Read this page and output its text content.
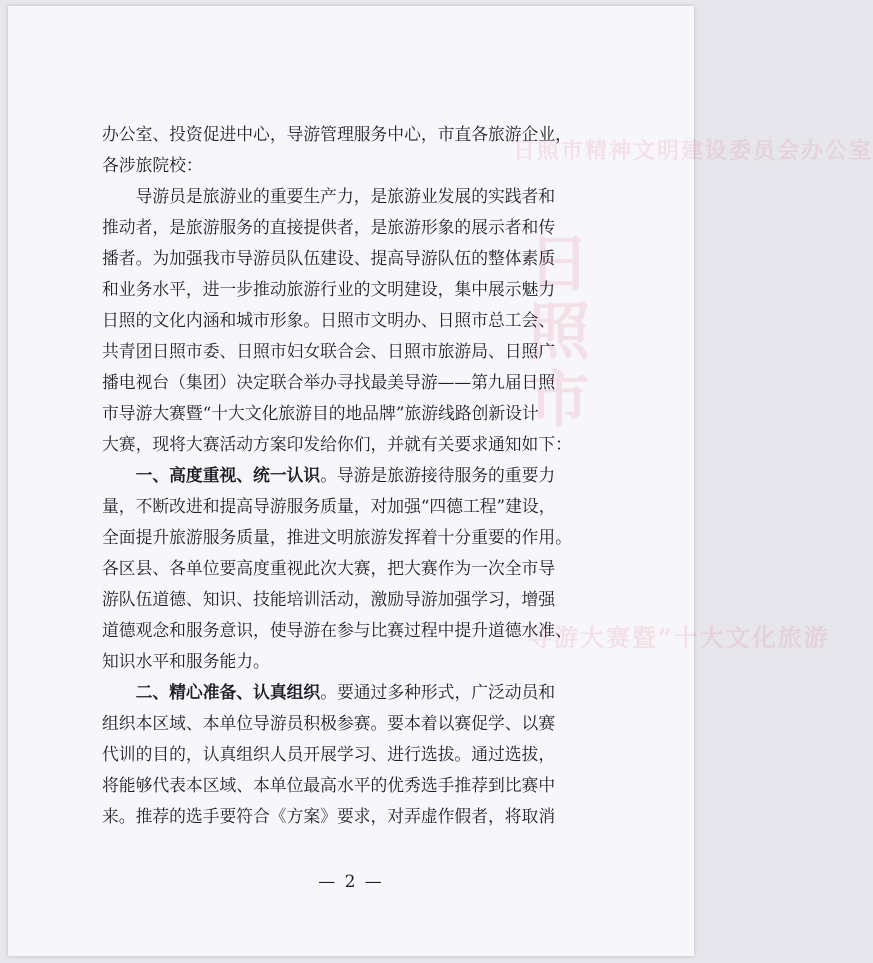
日照市精神文明建设委员会办公室
日
照
市
导游大赛暨“十大文化旅游
办公室、投资促进中心，导游管理服务中心，市直各旅游企业，
各涉旅院校：
　　导游员是旅游业的重要生产力，是旅游业发展的实践者和
推动者，是旅游服务的直接提供者，是旅游形象的展示者和传
播者。为加强我市导游员队伍建设、提高导游队伍的整体素质
和业务水平，进一步推动旅游行业的文明建设，集中展示魅力
日照的文化内涵和城市形象。日照市文明办、日照市总工会、
共青团日照市委、日照市妇女联合会、日照市旅游局、日照广
播电视台（集团）决定联合举办寻找最美导游——第九届日照
市导游大赛暨“十大文化旅游目的地品牌”旅游线路创新设计
大赛，现将大赛活动方案印发给你们，并就有关要求通知如下：
　　一、高度重视、统一认识。导游是旅游接待服务的重要力
量，不断改进和提高导游服务质量，对加强“四德工程”建设，
全面提升旅游服务质量，推进文明旅游发挥着十分重要的作用。
各区县、各单位要高度重视此次大赛，把大赛作为一次全市导
游队伍道德、知识、技能培训活动，激励导游加强学习，增强
道德观念和服务意识，使导游在参与比赛过程中提升道德水准、
知识水平和服务能力。
　　二、精心准备、认真组织。要通过多种形式，广泛动员和
组织本区域、本单位导游员积极参赛。要本着以赛促学、以赛
代训的目的，认真组织人员开展学习、进行选拔。通过选拔，
将能够代表本区域、本单位最高水平的优秀选手推荐到比赛中
来。推荐的选手要符合《方案》要求，对弄虚作假者，将取消
— 2 —
